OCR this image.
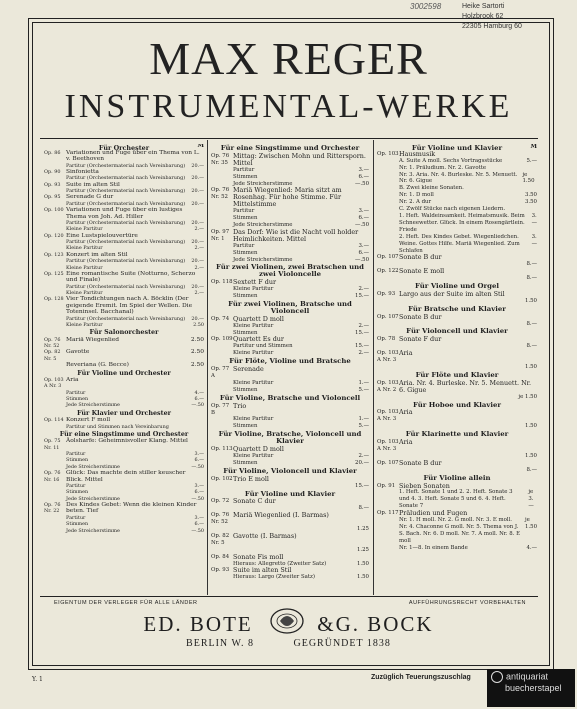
3002598	Heike Sartorti
Holzbrook 62
22305 Hamburg 60
MAX REGER
INSTRUMENTAL-WERKE
Für Orchester	M
Op. 86 Variationen und Fuge über ein Thema von L. v. Beethoven
Partitur (Orchestermaterial nach Vereinbarung)	20.—
Op. 90 Sinfonietta
Partitur (Orchestermaterial nach Vereinbarung)	20.—
Op. 93 Suite im alten Stil
Partitur (Orchestermaterial nach Vereinbarung)	20.—
Op. 95 Serenade G dur
Partitur (Orchestermaterial nach Vereinbarung)	20.—
Op. 100 Variationen und Fuge über ein lustiges Thema von Joh. Ad. Hiller
Partitur (Orchestermaterial nach Vereinbarung)	20.—
Kleine Partitur	2.—
Op. 120 Eine Lustspielouvertüre
Partitur (Orchestermaterial nach Vereinbarung)	20.—
Kleine Partitur	2.—
Op. 123 Konzert im alten Stil
Partitur (Orchestermaterial nach Vereinbarung)	20.—
Kleine Partitur	2.—
Op. 125 Eine romantische Suite (Notturno, Scherzo und Finale)
Partitur (Orchestermaterial nach Vereinbarung)	20.—
Kleine Partitur	2.—
Op. 128 Vier Tondichtungen nach A. Böcklin (Der geigende Eremit. Im Spiel der Wellen. Die Toteninsel. Bacchanal)
Partitur (Orchestermaterial nach Vereinbarung)	20.—
Kleine Partitur	2.50
Für Salonorchester
Op. 76 Nr. 52
Mariä Wiegenlied	2.50
Op. 82 Nr. 5
Gavotte	2.50
Reveriana (G. Becce)	2.50
Für Violine und Orchester
Op. 103 A Nr. 3
Aria
Partitur	4.—
Stimmen	6.—
Jede Streicherstimme	—.50
Für Klavier und Orchester
Op. 114 Konzert F moll
Partitur und Stimmen nach Vereinbarung
Für eine Singstimme und Orchester
Op. 75 Nr. 11
Äolsharfe: Geheimnisvoller Klang. Mittel
Partitur	3.—
Stimmen	6.—
Jede Streicherstimme	—.50
Op. 76 Nr. 16
Glück: Das machte dein stiller keuscher Blick. Mittel
Partitur	3.—
Stimmen	6.—
Jede Streicherstimme	—.50
Op. 76 Nr. 22
Des Kindes Gebet: Wenn die kleinen Kinder beten. Tief
Partitur	3.—
Stimmen	6.—
Jede Streicherstimme	—.50
Für eine Singstimme und Orchester
Op. 76 Nr. 35
Mittag: Zwischen Mohn und Rittersporn. Mittel
Partitur	3.—
Stimmen	6.—
Jede Streicherstimme	—.50
Op. 76 Nr. 52
Mariä Wiegenlied: Maria sitzt am Rosenhag. Für hohe Stimme. Für Mittelstimme
Partitur	3.—
Stimmen	6.—
Jede Streicherstimme	—.50
Op. 97 Nr. 1
Das Dorf: Wie ist die Nacht voll holder Heimlichkeiten. Mittel
Partitur	3.—
Stimmen	6.—
Jede Streicherstimme	—.50
Für zwei Violinen, zwei Bratschen und zwei Violoncelle
Op. 118 Sextett F dur
Kleine Partitur	2.—
Stimmen	15.—
Für zwei Violinen, Bratsche und Violoncell
Op. 74 Quartett D moll
Kleine Partitur	2.—
Stimmen	15.—
Op. 109 Quartett Es dur
Partitur und Stimmen	15.—
Kleine Partitur	2.—
Für Flöte, Violine und Bratsche
Op. 77 A
Serenade
Kleine Partitur	1.—
Stimmen	5.—
Für Violine, Bratsche und Violoncell
Op. 77 B
Trio
Kleine Partitur	1.—
Stimmen	5.—
Für Violine, Bratsche, Violoncell und Klavier
Op. 113 Quartett D moll
Kleine Partitur	2.—
Stimmen	20.—
Für Violine, Violoncell und Klavier
Op. 102 Trio E moll
15.—
Für Violine und Klavier
Op. 72 Sonate C dur
8.—
Op. 76 Nr. 52
Mariä Wiegenlied (I. Barmas)
1.25
Op. 82 Nr. 5
Gavotte (I. Barmas)
1.25
Op. 84 Sonate Fis moll
Hieraus: Allegretto (Zweiter Satz)	1.50
Op. 93 Suite im alten Stil
Hieraus: Largo (Zweiter Satz)	1.50
Für Violine und Klavier	M
Op. 103 Hausmusik
A. Suite A moll. Sechs Vortragsstücke	5.—
Nr. 1. Präludium. Nr. 2. Gavotte
Nr. 3. Aria. Nr. 4. Burleske. Nr. 5. Menuett. Nr. 6. Gigue
je 1.50
B. Zwei kleine Sonaten.
Nr. 1. D moll	3.50
Nr. 2. A dur	3.50
C. Zwölf Stücke nach eigenen Liedern.
1. Heft. Waldeinsamkeit. Heimatsmusik. Beim Schneewetter. Glück. In einem Rosengärtlein. Friede
3.—
2. Heft. Des Kindes Gebet. Wiegenliedchen. Weine. Gottes Hilfe. Mariä Wiegenlied. Zum Schlafen
3.—
Op. 107 Sonate B dur
8.—
Op. 122 Sonate E moll
8.—
Für Violine und Orgel
Op. 93 Largo aus der Suite im alten Stil
1.50
Für Bratsche und Klavier
Op. 107 Sonate B dur
8.—
Für Violoncell und Klavier
Op. 78 Sonate F dur
8.—
Op. 103 A Nr. 3
Aria
1.50
Für Flöte und Klavier
Op. 103 A Nr. 2
Aria. Nr. 4. Burleske. Nr. 5. Menuett. Nr. 6. Gigue
je 1.50
Für Hoboe und Klavier
Op. 103 A Nr. 3
Aria
1.50
Für Klarinette und Klavier
Op. 103 A Nr. 3
Aria
1.50
Op. 107 Sonate B dur
8.—
Für Violine allein
Op. 91 Sieben Sonaten
1. Heft. Sonate 1 und 2. 2. Heft. Sonate 3 und 4. 3. Heft. Sonate 5 und 6. 4. Heft. Sonate 7
je 3.—
Op. 117 Präludien und Fugen
Nr. 1. H moll. Nr. 2. G moll. Nr. 3. E moll. Nr. 4. Chaconne G moll. Nr. 5. Thema von J. S. Bach. Nr. 6. D moll. Nr. 7. A moll. Nr. 8. E moll
je 1.50
Nr. 1—8. In einem Bande	4.—
EIGENTUM DER VERLEGER FÜR ALLE LÄNDER	AUFFÜHRUNGSRECHT VORBEHALTEN
ED. BOTE	&G. BOCK
BERLIN W. 8	GEGRÜNDET 1838
Y. 1	Zuzüglich Teuerungszuschlag	antiquariat
buecherstapel
